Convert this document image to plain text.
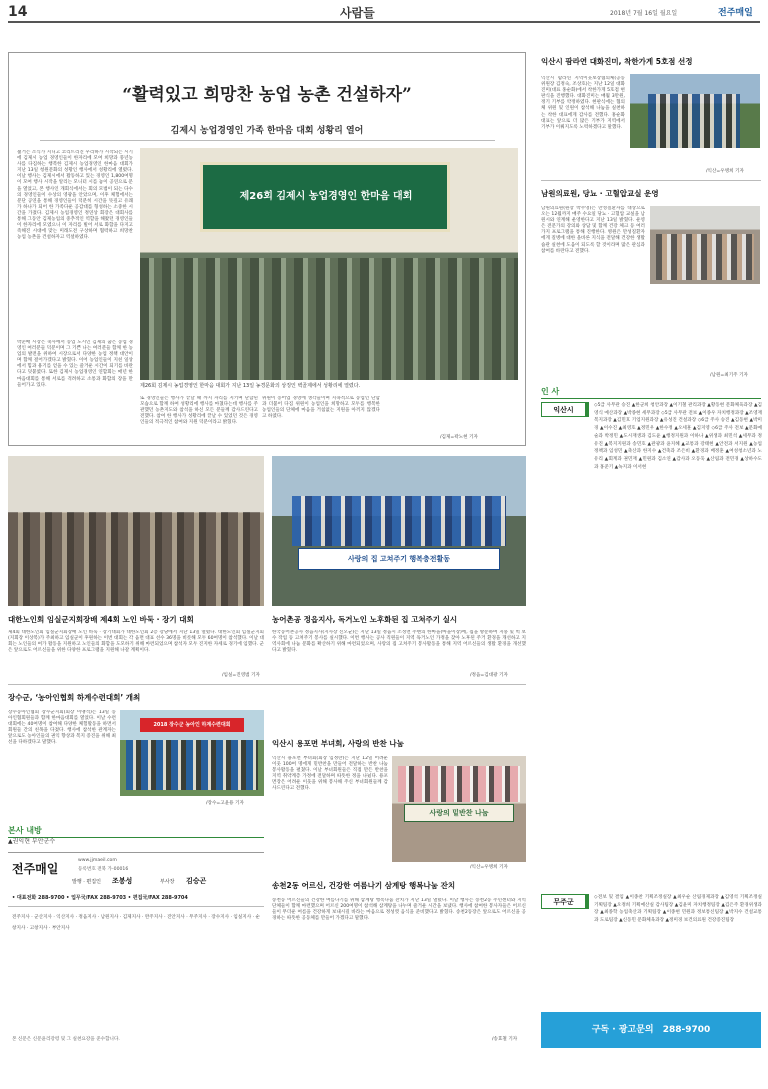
14	사람들	2018년 7월 16일 월요일	전주매일
“활력있고 희망찬 농업 농촌 건설하자”
김제시 농업경영인 가족 한마음 대회 성황리 열어
젊거는 소식가 지니고 코리트리진 우리하가 시작되는 시기에 김제시 농업 경영인들이 한자리에 모여 희망과 풍년농사를 다짐하는 행복한 김제시 농업경영인 한마음 대회가 지난 13일 청원문화의 성황인 행사에서 성황리에 열렸다. 이날 행사는 김제시에서 활동하고 있는 경영인 1,800여명이 모여 행사 시작을 알리는 모니터 시를 놓이 공연으로 문을 열었고, 본 행사인 개회식에서는 회의 모범이 되는 다수의 경영인들이 수상의 영광을 안았으며, 이후 체험에서는 분단 공연을 통해 경영인들이 덕분히 시간을 뜻깊고 유쾌가 하나가 되어 한 가족다운 공감대를 형성하는 소중한 시간을 가졌다. 김제시 농업경영인 정연상 회장은 대회사를 통해 그동안 김제농업의 중추적인 역할을 해왔던 경영인들이 한자리에 모였으니 이 자리를 빌어 서로 화합을 다지고 즉해진 시대에 맞는 미래도전 구상하며 협력하고 희망찬 농업 농촌을 건설하자고 역설하였다.
박준배 시장은 축사에서 농업 도시인 김제의 꿈은 농업 경영인 여러분들 덕분이며 그 기쁜 나는 여러분들 함께 한 농업의 발전을 위하여 시장으로서 다양한 농업 정책 대안이며 함께 걸어가겠다고 밝혔다. 이어 농업인들이 지친 일상에서 힘과 용기를 얻을 수 있는 즐거운 시간이 되기를 바란다고 덧붙였다. 또한 김제시 농업경영인 연합회는 매년 한마음대회를 통해 서로를 격려하고 소통과 화합의 장을 만들어가고 있다.
제26회 김제시 농업경영인 한마음 대회
제26회 김제시 농업경영인 한마음 대회가 지난 13일 농경문화의 상징인 벽골제에서 성황리에 열렸다.
또 경영인들은 행사가 끝날 때 까지 자리를 지키며 단합된 모습으로 함께 하여 성황리에 행사를 마쳤다는데 행사를 주관했던 농촌지도와 참석을 하신 모든 분들께 감사드린다고 전했다. 참여 한 행사가 성황리에 끝날 수 있었던 것은 경영인들의 적극적인 참여와 지원 덕분이라고 밝혔다.
위원이 농어업 경영에 생각들이며 지속적으로 농업인 단합과 더불어 다짐 위원이 농업인을 희망하고 모두를 행복한 농업인들의 단체에 마음을 거침없는 지원을 아끼지 않겠다고 하였다.
/김제=곽노현 기자
익산시 팜라연 대화진미, 착한가게 5호점 선정
익산시 팜라연 지역이웃보장협의체(공동위원장 김정숙, 조상호)는 지난 12일 대화진미(대표 홍순화)에서 착한가게 5호점 현판식을 진행했다. 대화진미는 매월 3만원, 정기 기부를 약정하였다. 현판식에는 협의체 위원 및 인원이 참석해 나눔을 실천하는 착한 대표에게 감사를 전했다. 홍순화 대표는 앞으로 더 많은 기부가 지역에서 기부가 이뤄지도록 노력하겠다고 말했다.
/익산=우병희 기자
남원의료원, 당뇨 · 고혈압교실 운영
남원의료원(원장 박주영)은 만성질환자를 대상으로 오는 12월까지 매주 수요일 당뇨 · 고혈압 교실을 남원시와 연계해 운영한다고 지난 13일 밝혔다. 운영은 전문가의 강의와 상담 및 함께 건강 체크 등 여러가지 프로그램을 통해 진행한다. 병원은 만성질환자에게 질병에 대한 올바른 지식을 전달해 건강한 생활습관 실천에 도움이 되도록 할 것이라며 많은 관심과 참여를 바란다고 전했다.
/남원=최기주 기자
인 사
익산시
◇5급 사무관 승진 ▲한군희 청안과장 ▲이기철 관리과장 ▲황동현 문화체육과장 ▲김영식 예산과장 ▲박종현 세무과장 ◇5급 사무관 전보 ▲이종우 자치행정과장 ▲조영재 복지과장 ▲김민호 기업지원과장 ▲유성진 건설과장 ◇6급 주사 승진 ▲김동현 ▲박미경 ▲이수진 ▲최영호 ▲정민우 ▲한수정 ▲오세훈 ▲김지영 ◇6급 주사 전보 ▲문화예술과 박정민 ▲도시재생과 김도윤 ▲행정지원과 이하나 ▲위생과 최민석 ▲세무과 정유진 ▲복지지원과 송민호 ▲관광과 윤지혜 ▲교통과 강태현 ▲안전과 서지원 ▲농업정책과 임성민 ▲축산과 한지수 ▲건축과 조은비 ▲환경과 배정훈 ▲여성청소년과 노유리 ▲회계과 권민재 ▲민원과 김소연 ▲감사과 오동욱 ▲산림과 전민경 ▲상하수도과 홍준기 ▲녹지과 이서현
무주군
◇전보 및 결임 ▲이종찬 기획조정실장 ▲최우순 산림경제과장 ▲김영석 기획조정실 기획팀장 ▲오정희 기획예산실 감사팀장 ▲김윤미 자치행정팀장 ▲김은주 환경위생과장 ▲최종학 농업축산과 기획팀장 ▲이종현 민원과 정보통신팀장 ▲박지수 건설교통과 도로팀장 ▲신동민 문화체육과장 ▲정미경 보건의료원 건강증진팀장
구독 · 광고문의 288-9700
대한노인회 임실군지회장배 제4회 노인 바둑 · 장기 대회
제4회 대한노인회 임실군지회장배 노인 바둑 · 장기대회가 대한노인회 2층 강당에서 지난 13일 열렸다. 대한노인회 임실군지회(지회장 이상복)가 주최하고 임실군이 후원하는 이번 대회는 각 읍면 대표 선수 36명을 비롯해 모두 60여명이 참석했다. 이날 대회는 노인들의 여가 활동을 지원하고 노인들의 화합을 도모하기 위해 마련되었으며 참석자 모두 진지한 자세로 경기에 임했다. 군은 앞으로도 어르신들을 위한 다양한 프로그램을 지원해 나갈 계획이다.
/임실=진영범 기자
사랑의 집 고쳐주기 행복충전활동
농어촌공 정읍지사, 독거노인 노후화된 집 고쳐주기 실시
한국농어촌공사 정읍지사(지사장 신오균)는 지난 13일 정읍시 소성면 주변의 한마을(마을이장)에, 집을 방문하여 지붕 및 벽 보수 작업 등 고쳐주기 봉사를 실시했다. 이번 행사는 공사 직원들이 지역 독거노인 가정을 찾아 노후된 주거 환경을 개선하고 지역사회에 나눔 문화를 확산하기 위해 마련되었으며, 사랑의 집 고쳐주기 봉사활동을 통해 지역 어르신들의 생활 환경을 개선했다고 밝혔다.
/정읍=김대광 기자
장수군, ‘농아인협회 하계수련대회’ 개최
장수농아인협회 장수군지회(회장 이맹석)는 13일 농아인협회원들과 함께 한마음대회를 열었다. 이날 수련대회에는 40여명이 참여해 다양한 체험활동을 하면서 회원들 간의 친목을 다졌다. 행사에 참석한 관계자는 앞으로도 농아인들의 권익 향상과 복지 증진을 위해 최선을 다하겠다고 말했다.
2018 장수군 농아인 하계수련대회
/장수=고윤용 기자
익산시 용포면 부녀회, 사랑의 반찬 나눔
익산시 용포면 부녀회(회장 임정란)는 지난 12일 어려운 이웃 100여 명에게 밑반찬을 만들어 전달하는 반찬 나눔 봉사활동을 펼쳤다. 이날 부녀회원들은 직접 만든 반찬을 지역 취약계층 가정에 전달하며 따뜻한 정을 나눴다. 용포면장은 어려운 이웃을 위해 봉사해 주신 부녀회원들께 감사드린다고 전했다.
사랑의 밑반찬 나눔
/익산=우병희 기자
송천2동 어르신, 건강한 여름나기 삼계탕 행복나눔 잔치
송천동 어르신들의 건강한 여름나기를 위해 삼계탕 행복나눔 잔치가 지난 13일 열렸다. 이날 행사는 송천2동 주민센터와 지역 단체들이 함께 마련했으며 어르신 200여명이 참석해 삼계탕을 나누며 즐거운 시간을 보냈다. 행사에 참여한 봉사자들은 어르신들이 무더운 여름을 건강하게 보내시길 바라는 마음으로 정성껏 음식을 준비했다고 밝혔다. 송천2동장은 앞으로도 어르신을 공경하는 따뜻한 공동체를 만들어 가겠다고 말했다.
/송효철 기자
본사 내방
▲권익현 부안군수
전주매일
www.jjmaeil.com
등록번호 전북 가-00016
발행 · 편집인 조봉성	부사장 김승곤
• 대표전화 288-9700 • 업무국/FAX 288-9703 • 편집국/FAX 288-9704
전주지사 · 군산지사 · 익산지사 · 정읍지사 · 남원지사 · 김제지사 · 완주지사 · 진안지사 · 무주지사 · 장수지사 · 임실지사 · 순창지사 · 고창지사 · 부안지사
본 신문은 신문윤리강령 및 그 실천요강을 준수합니다.
